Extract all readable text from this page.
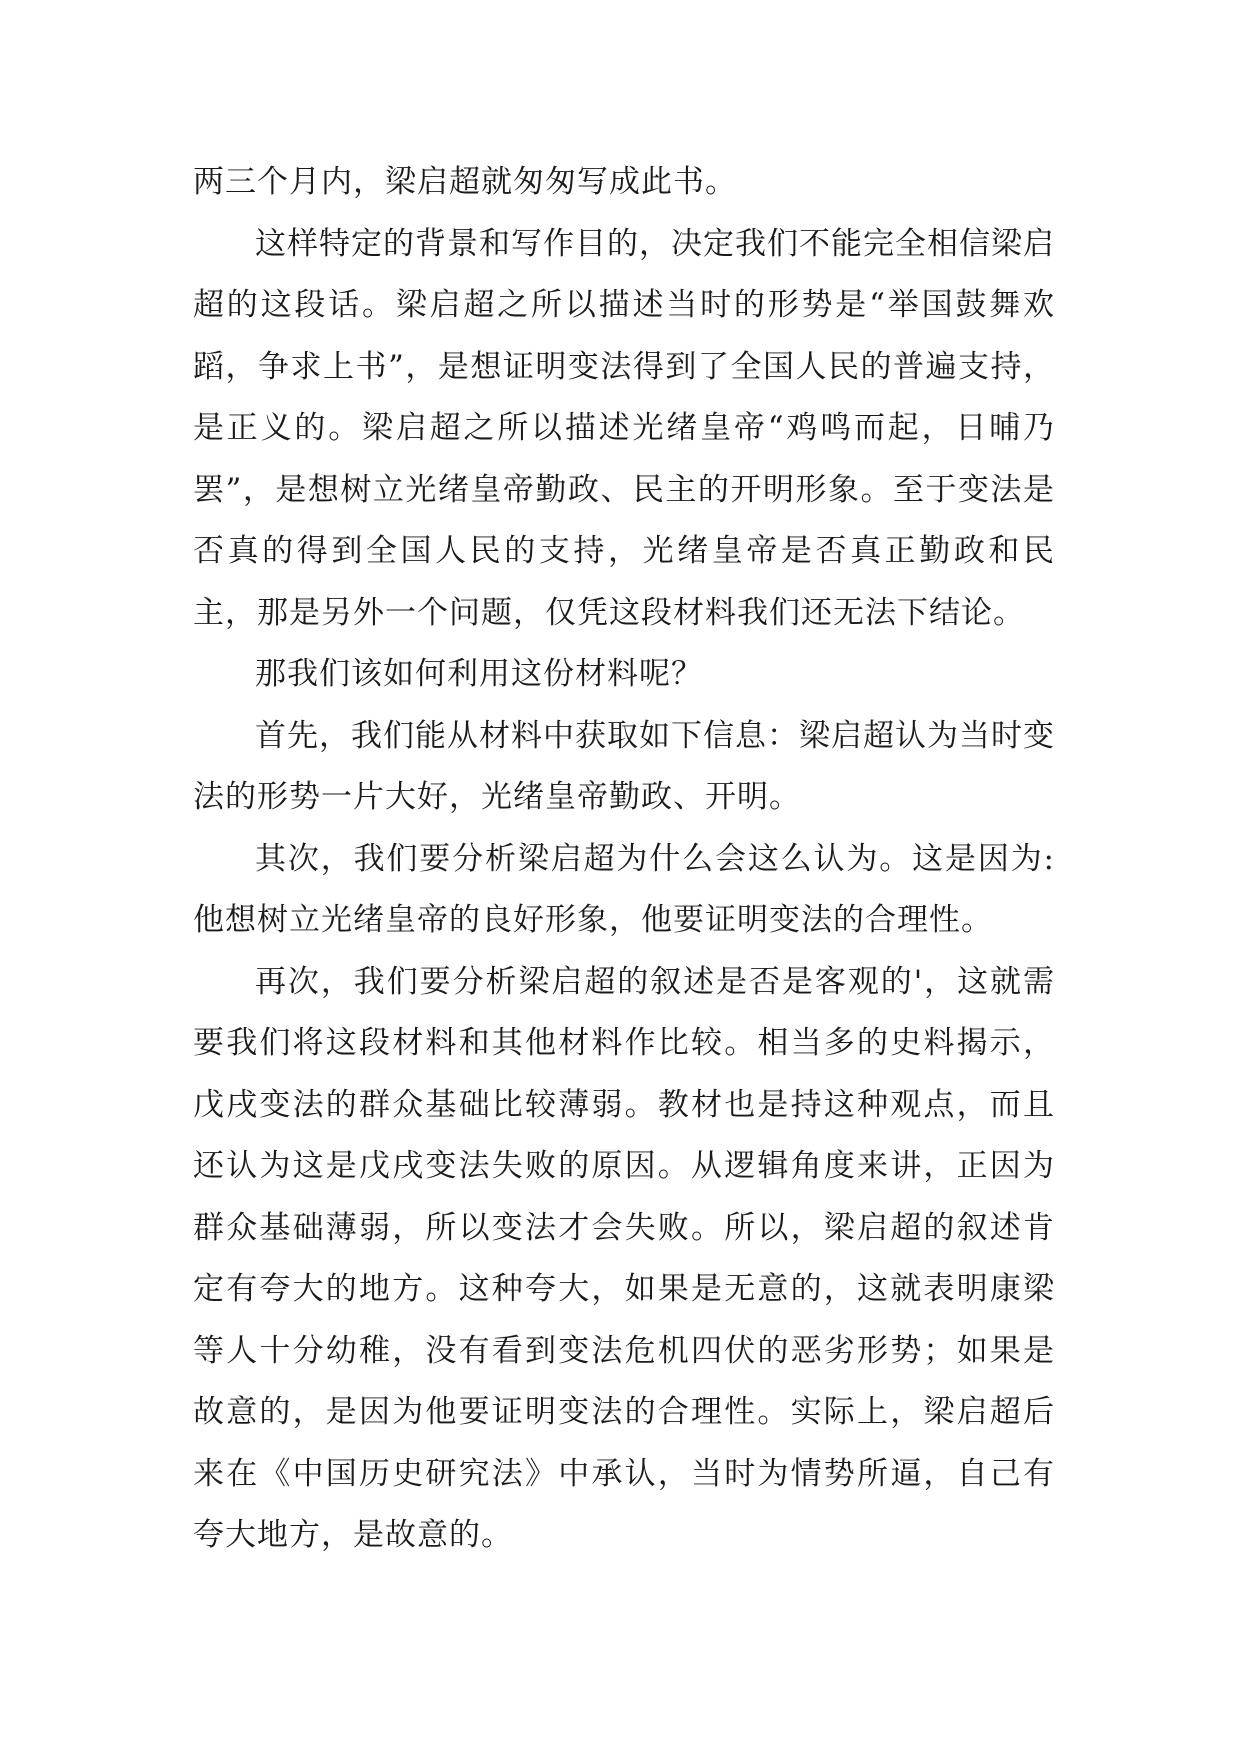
两三个月内，梁启超就匆匆写成此书。

这样特定的背景和写作目的，决定我们不能完全相信梁启超的这段话。梁启超之所以描述当时的形势是“举国鼓舞欢蹈，争求上书”，是想证明变法得到了全国人民的普遍支持，是正义的。梁启超之所以描述光绪皇帝“鸡鸣而起，日晡乃罢”，是想树立光绪皇帝勤政、民主的开明形象。至于变法是否真的得到全国人民的支持，光绪皇帝是否真正勤政和民主，那是另外一个问题，仅凭这段材料我们还无法下结论。

那我们该如何利用这份材料呢？

首先，我们能从材料中获取如下信息：梁启超认为当时变法的形势一片大好，光绪皇帝勤政、开明。

其次，我们要分析梁启超为什么会这么认为。这是因为:他想树立光绪皇帝的良好形象，他要证明变法的合理性。

再次，我们要分析梁启超的叙述是否是客观的'，这就需要我们将这段材料和其他材料作比较。相当多的史料揭示，戊戌变法的群众基础比较薄弱。教材也是持这种观点，而且还认为这是戊戌变法失败的原因。从逻辑角度来讲，正因为群众基础薄弱，所以变法才会失败。所以，梁启超的叙述肯定有夸大的地方。这种夸大，如果是无意的，这就表明康梁等人十分幼稚，没有看到变法危机四伏的恶劣形势；如果是故意的，是因为他要证明变法的合理性。实际上，梁启超后来在《中国历史研究法》中承认，当时为情势所逼，自己有夸大地方，是故意的。
